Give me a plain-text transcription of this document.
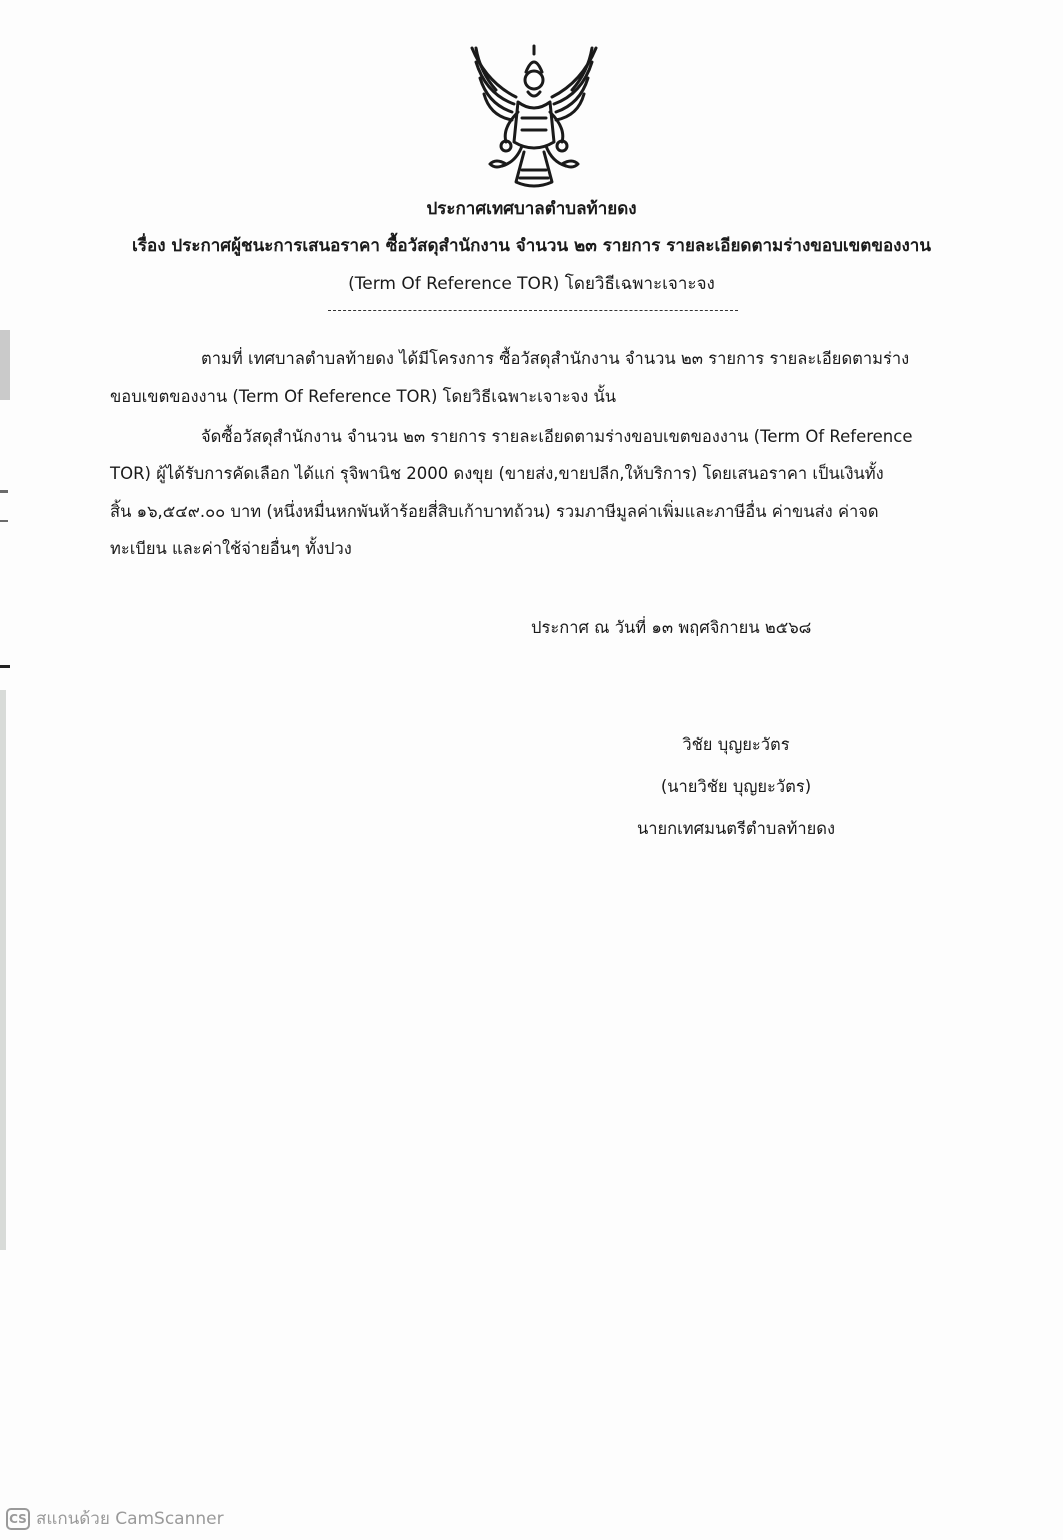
ประกาศเทศบาลตำบลท้ายดง
เรื่อง ประกาศผู้ชนะการเสนอราคา ซื้อวัสดุสำนักงาน จำนวน ๒๓ รายการ รายละเอียดตามร่างขอบเขตของงาน
(Term Of Reference TOR) โดยวิธีเฉพาะเจาะจง
ตามที่ เทศบาลตำบลท้ายดง ได้มีโครงการ ซื้อวัสดุสำนักงาน จำนวน ๒๓ รายการ รายละเอียดตามร่าง
ขอบเขตของงาน (Term Of Reference TOR) โดยวิธีเฉพาะเจาะจง นั้น
จัดซื้อวัสดุสำนักงาน จำนวน ๒๓ รายการ รายละเอียดตามร่างขอบเขตของงาน (Term Of Reference
TOR) ผู้ได้รับการคัดเลือก ได้แก่ รุจิพานิช 2000 ดงขุย (ขายส่ง,ขายปลีก,ให้บริการ) โดยเสนอราคา เป็นเงินทั้ง
สิ้น ๑๖,๕๔๙.๐๐ บาท (หนึ่งหมื่นหกพันห้าร้อยสี่สิบเก้าบาทถ้วน) รวมภาษีมูลค่าเพิ่มและภาษีอื่น ค่าขนส่ง ค่าจด
ทะเบียน และค่าใช้จ่ายอื่นๆ ทั้งปวง
ประกาศ ณ วันที่ ๑๓ พฤศจิกายน ๒๕๖๘
วิชัย บุญยะวัตร
(นายวิชัย บุญยะวัตร)
นายกเทศมนตรีตำบลท้ายดง
CS สแกนด้วย CamScanner
